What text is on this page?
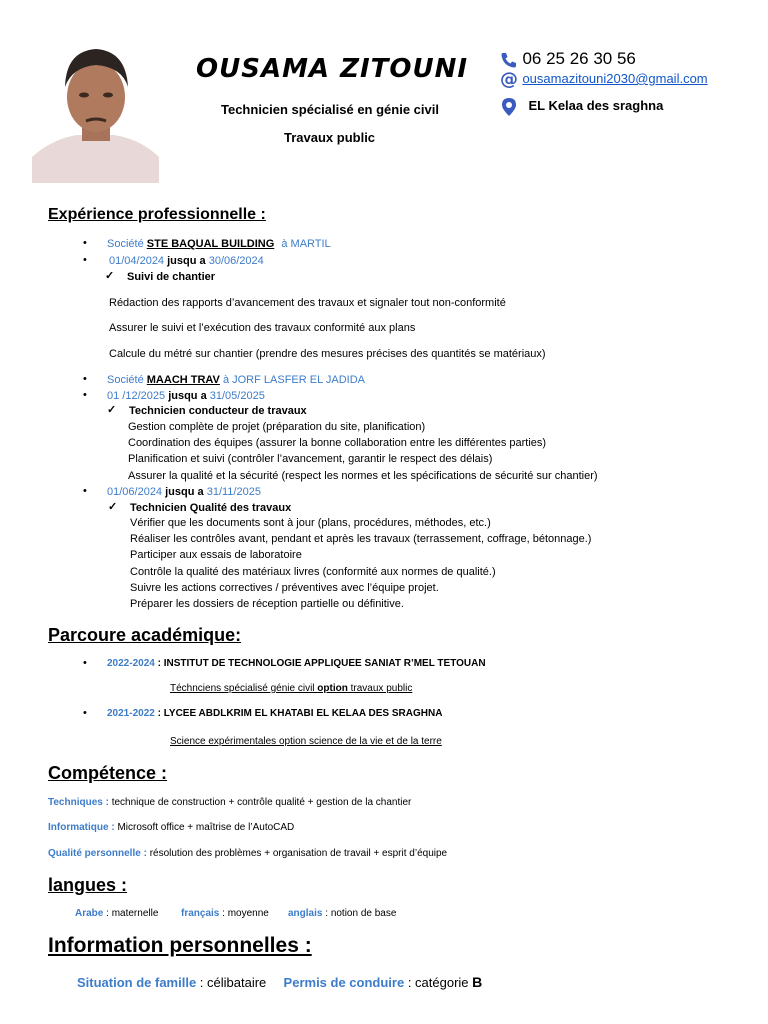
OUSAMA ZITOUNI
Technicien spécialisé en génie civil
Travaux public
06 25 26 30 56
@ ousamazitouni2030@gmail.com
EL Kelaa des sraghna
Expérience professionnelle :
• Société STE BAQUAL BUILDING à MARTIL
• 01/04/2024 jusqu a 30/06/2024
✓ Suivi de chantier
Rédaction des rapports d’avancement des travaux et signaler tout non-conformité
Assurer le suivi et l’exécution des travaux conformité aux plans
Calcule du métré sur chantier (prendre des mesures précises des quantités se matériaux)
• Société MAACH TRAV à JORF LASFER EL JADIDA
• 01 /12/2025 jusqu a 31/05/2025
✓ Technicien conducteur de travaux
Gestion complète de projet (préparation du site, planification)
Coordination des équipes (assurer la bonne collaboration entre les différentes parties)
Planification et suivi (contrôler l’avancement, garantir le respect des délais)
Assurer la qualité et la sécurité (respect les normes et les spécifications de sécurité sur chantier)
• 01/06/2024 jusqu a 31/11/2025
✓ Technicien Qualité des travaux
Vérifier que les documents sont à jour (plans, procédures, méthodes, etc.)
Réaliser les contrôles avant, pendant et après les travaux (terrassement, coffrage, bétonnage.)
Participer aux essais de laboratoire
Contrôle la qualité des matériaux livres (conformité aux normes de qualité.)
Suivre les actions correctives / préventives avec l’équipe projet.
Préparer les dossiers de réception partielle ou définitive.
Parcoure académique:
• 2022-2024 : INSTITUT DE TECHNOLOGIE APPLIQUEE SANIAT R’MEL TETOUAN
Téchnciens spécialisé génie civil option travaux public
• 2021-2022 : LYCEE ABDLKRIM EL KHATABI EL KELAA DES SRAGHNA
Science expérimentales option science de la vie et de la terre
Compétence :
Techniques : technique de construction + contrôle qualité + gestion de la chantier
Informatique : Microsoft office + maîtrise de l’AutoCAD
Qualité personnelle : résolution des problèmes + organisation de travail + esprit d’équipe
langues :
Arabe : maternelle français : moyenne anglais : notion de base
Information personnelles :
Situation de famille : célibataire Permis de conduire : catégorie B
